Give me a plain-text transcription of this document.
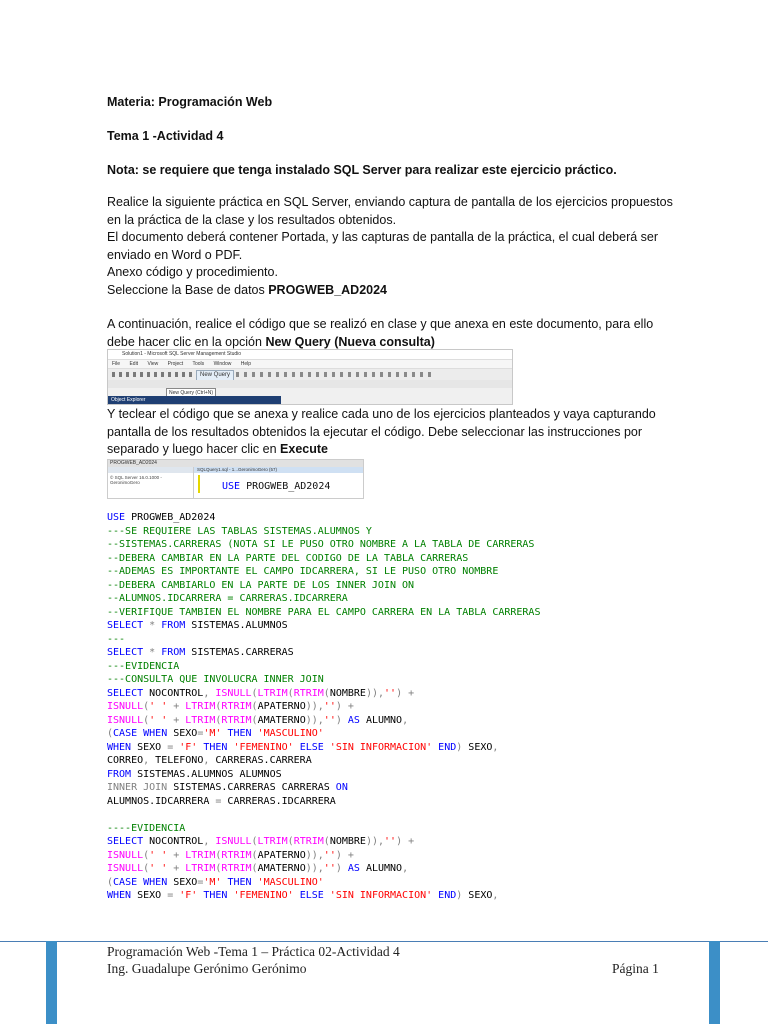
Materia: Programación Web
Tema 1 -Actividad 4
Nota: se requiere que tenga instalado SQL Server para realizar este ejercicio práctico.
Realice la siguiente práctica en SQL Server, enviando captura de pantalla de los ejercicios propuestos
en la práctica de la clase y los resultados obtenidos.
El documento deberá contener Portada, y las capturas de pantalla de la práctica, el cual deberá ser
enviado en Word o PDF.
Anexo código y procedimiento.
Seleccione la Base de datos PROGWEB_AD2024
A continuación, realice el código que se realizó en clase y que anexa en este documento, para ello
debe hacer clic en la opción New Query (Nueva consulta)
Solution1 - Microsoft SQL Server Management Studio
File Edit View Project Tools Window Help
New Query
New Query (Ctrl+N)
Object Explorer
Y teclear el código que se anexa y realice cada uno de los ejercicios planteados y vaya capturando
pantalla de los resultados obtenidos la ejecutar el código. Debe seleccionar las instrucciones por
separado y luego hacer clic en Execute
PROGWEB_AD2024
© SQL Server 16.0.1000 - GeronimoGero
SQLQuery1.sql - 1...GeronimoGero (57)
USE PROGWEB_AD2024
USE PROGWEB_AD2024
---SE REQUIERE LAS TABLAS SISTEMAS.ALUMNOS Y
--SISTEMAS.CARRERAS (NOTA SI LE PUSO OTRO NOMBRE A LA TABLA DE CARRERAS
--DEBERA CAMBIAR EN LA PARTE DEL CODIGO DE LA TABLA CARRERAS
--ADEMAS ES IMPORTANTE EL CAMPO IDCARRERA, SI LE PUSO OTRO NOMBRE
--DEBERA CAMBIARLO EN LA PARTE DE LOS INNER JOIN ON
--ALUMNOS.IDCARRERA = CARRERAS.IDCARRERA
--VERIFIQUE TAMBIEN EL NOMBRE PARA EL CAMPO CARRERA EN LA TABLA CARRERAS
SELECT * FROM SISTEMAS.ALUMNOS
---
SELECT * FROM SISTEMAS.CARRERAS
---EVIDENCIA
---CONSULTA QUE INVOLUCRA INNER JOIN
SELECT NOCONTROL, ISNULL(LTRIM(RTRIM(NOMBRE)),'') +
ISNULL(' ' + LTRIM(RTRIM(APATERNO)),'') +
ISNULL(' ' + LTRIM(RTRIM(AMATERNO)),'') AS ALUMNO,
(CASE WHEN SEXO='M' THEN 'MASCULINO'
WHEN SEXO = 'F' THEN 'FEMENINO' ELSE 'SIN INFORMACION' END) SEXO,
CORREO, TELEFONO, CARRERAS.CARRERA
FROM SISTEMAS.ALUMNOS ALUMNOS
INNER JOIN SISTEMAS.CARRERAS CARRERAS ON
ALUMNOS.IDCARRERA = CARRERAS.IDCARRERA
----EVIDENCIA
SELECT NOCONTROL, ISNULL(LTRIM(RTRIM(NOMBRE)),'') +
ISNULL(' ' + LTRIM(RTRIM(APATERNO)),'') +
ISNULL(' ' + LTRIM(RTRIM(AMATERNO)),'') AS ALUMNO,
(CASE WHEN SEXO='M' THEN 'MASCULINO'
WHEN SEXO = 'F' THEN 'FEMENINO' ELSE 'SIN INFORMACION' END) SEXO,
Programación Web -Tema 1 – Práctica 02-Actividad 4
Ing. Guadalupe Gerónimo Gerónimo	Página 1
